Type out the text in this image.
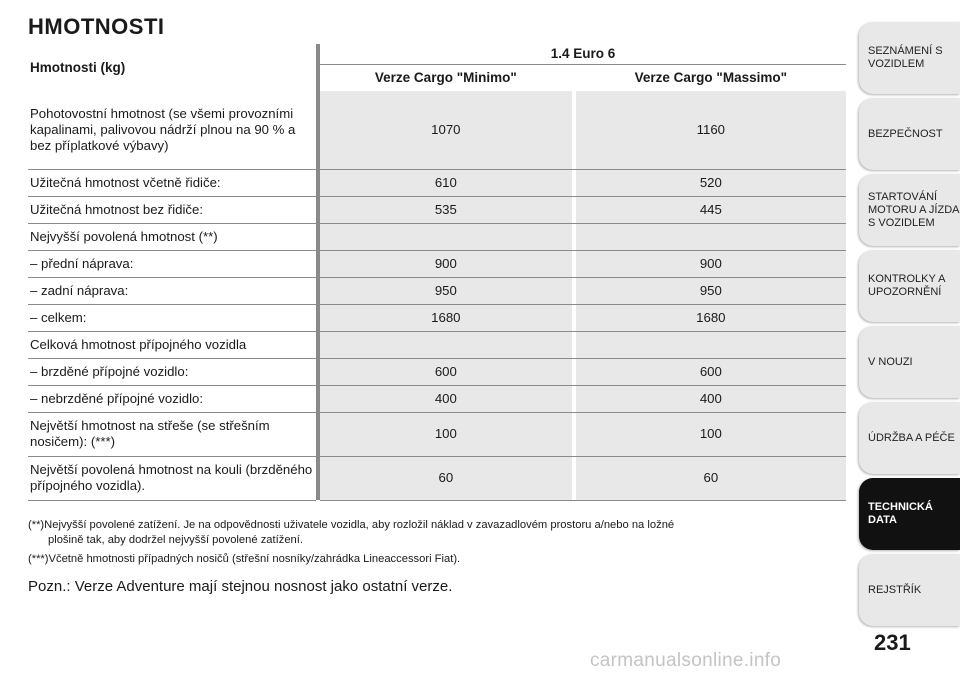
HMOTNOSTI
Hmotnosti (kg)		1.4 Euro 6		
		Verze Cargo "Minimo"		Verze Cargo "Massimo"
Pohotovostní hmotnost (se všemi provozními kapalinami, palivovou nádrží plnou na 90 % a bez příplatkové výbavy)		1070		1160
Užitečná hmotnost včetně řidiče:		610		520
Užitečná hmotnost bez řidiče:		535		445
Nejvyšší povolená hmotnost (**)				
– přední náprava:		900		900
– zadní náprava:		950		950
– celkem:		1680		1680
Celková hmotnost přípojného vozidla				
– brzděné přípojné vozidlo:		600		600
– nebrzděné přípojné vozidlo:		400		400
Největší hmotnost na střeše (se střešním nosičem): (***)		100		100
Největší povolená hmotnost na kouli (brzděného přípojného vozidla).		60		60

(**)Nejvyšší povolené zatížení. Je na odpovědnosti uživatele vozidla, aby rozložil náklad v zavazadlovém prostoru a/nebo na ložné
plošině tak, aby dodržel nejvyšší povolené zatížení.

(***)Včetně hmotnosti případných nosičů (střešní nosníky/zahrádka Lineaccessori Fiat).

Pozn.: Verze Adventure mají stejnou nosnost jako ostatní verze.
SEZNÁMENÍ S VOZIDLEM
BEZPEČNOST
STARTOVÁNÍ MOTORU A JÍZDA S VOZIDLEM
KONTROLKY A UPOZORNĚNÍ
V NOUZI
ÚDRŽBA A PÉČE
TECHNICKÁ DATA
REJSTŘÍK
231
carmanualsonline.info
